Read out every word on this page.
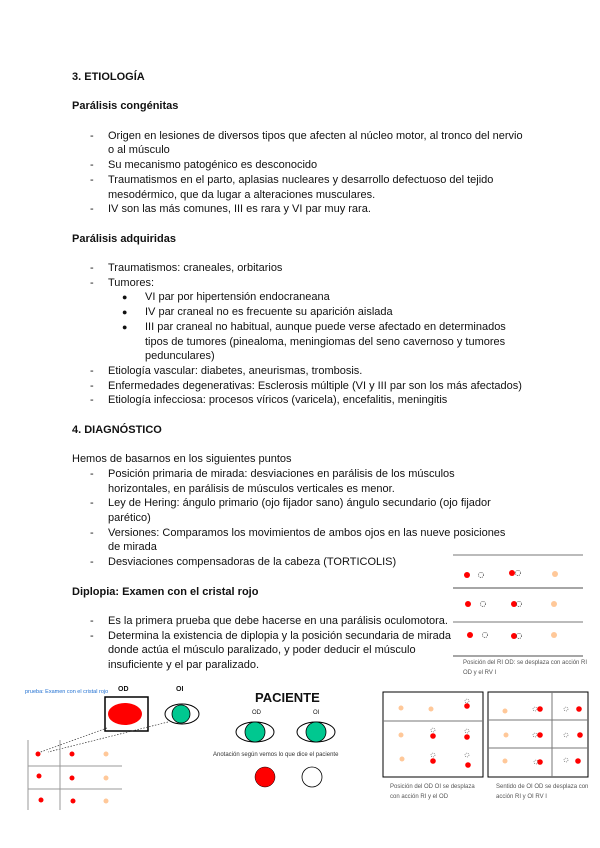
3. ETIOLOGÍA
Parálisis congénitas
- Origen en lesiones de diversos tipos que afecten al núcleo motor, al tronco del nervio o al músculo
- Su mecanismo patogénico es desconocido
- Traumatismos en el parto, aplasias nucleares y desarrollo defectuoso del tejido mesodérmico, que da lugar a alteraciones musculares.
- IV son las más comunes, III es rara y VI par muy rara.
Parálisis adquiridas
- Traumatismos: craneales, orbitarios
- Tumores:
● VI par por hipertensión endocraneana
● IV par craneal no es frecuente su aparición aislada
● III par craneal no habitual, aunque puede verse afectado en determinados tipos de tumores (pinealoma, meningiomas del seno cavernoso y tumores pedunculares)
- Etiología vascular: diabetes, aneurismas, trombosis.
- Enfermedades degenerativas: Esclerosis múltiple (VI y III par son los más afectados)
- Etiología infecciosa: procesos víricos (varicela), encefalitis, meningitis
4. DIAGNÓSTICO
Hemos de basarnos en los siguientes puntos
- Posición primaria de mirada: desviaciones en parálisis de los músculos horizontales, en parálisis de músculos verticales es menor.
- Ley de Hering: ángulo primario (ojo fijador sano) ángulo secundario (ojo fijador parético)
- Versiones: Comparamos los movimientos de ambos ojos en las nueve posiciones de mirada
- Desviaciones compensadoras de la cabeza (TORTICOLIS)
Diplopia: Examen con el cristal rojo
- Es la primera prueba que debe hacerse en una parálisis oculomotora.
- Determina la existencia de diplopia y la posición secundaria de mirada donde actúa el músculo paralizado, y poder deducir el músculo insuficiente y el par paralizado.	Posición del RI OD: se desplaza con acción RI OD y el RV I
prueba: Examen con el cristal rojo OD	OI
PACIENTE
OD	OI
Anotación según vemos lo que dice el paciente
Posición del OD OI se desplaza con acción RI y el OD
Sentido de OI OD se desplaza con acción RI y OI RV I
